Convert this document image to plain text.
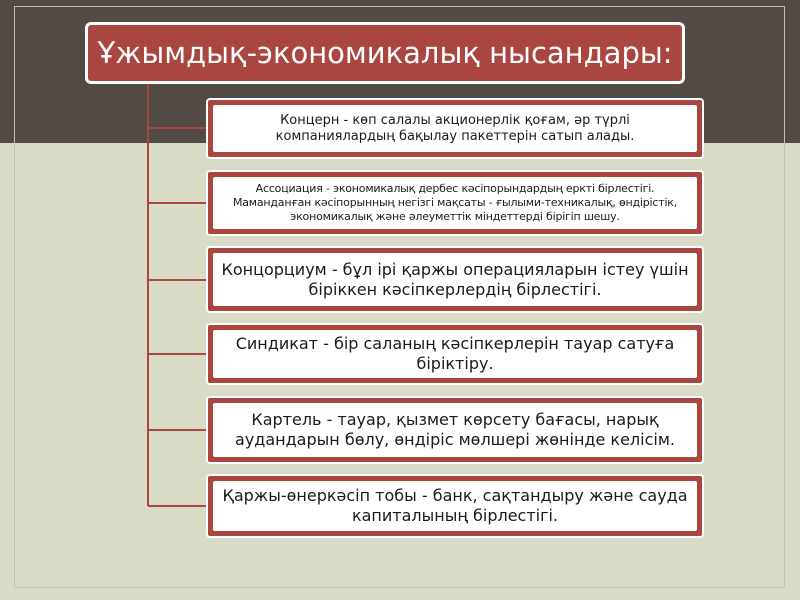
Ұжымдық-экономикалық нысандары:
Концерн - көп салалы акционерлік қоғам, әр түрлі компаниялардың бақылау пакеттерін сатып алады.
Ассоциация - экономикалық дербес кәсіпорындардың еркті бірлестігі. Маманданған кәсіпорынның негізгі мақсаты - ғылыми-техникалық, өндірістік, экономикалық және әлеуметтік міндеттерді бірігіп шешу.
Концорциум - бұл ірі қаржы операцияларын істеу үшін біріккен кәсіпкерлердің бірлестігі.
Синдикат - бір саланың кәсіпкерлерін тауар сатуға біріктіру.
Картель - тауар, қызмет көрсету бағасы, нарық аудандарын бөлу, өндіріс мөлшері жөнінде келісім.
Қаржы-өнеркәсіп тобы - банк, сақтандыру және сауда капиталының бірлестігі.
